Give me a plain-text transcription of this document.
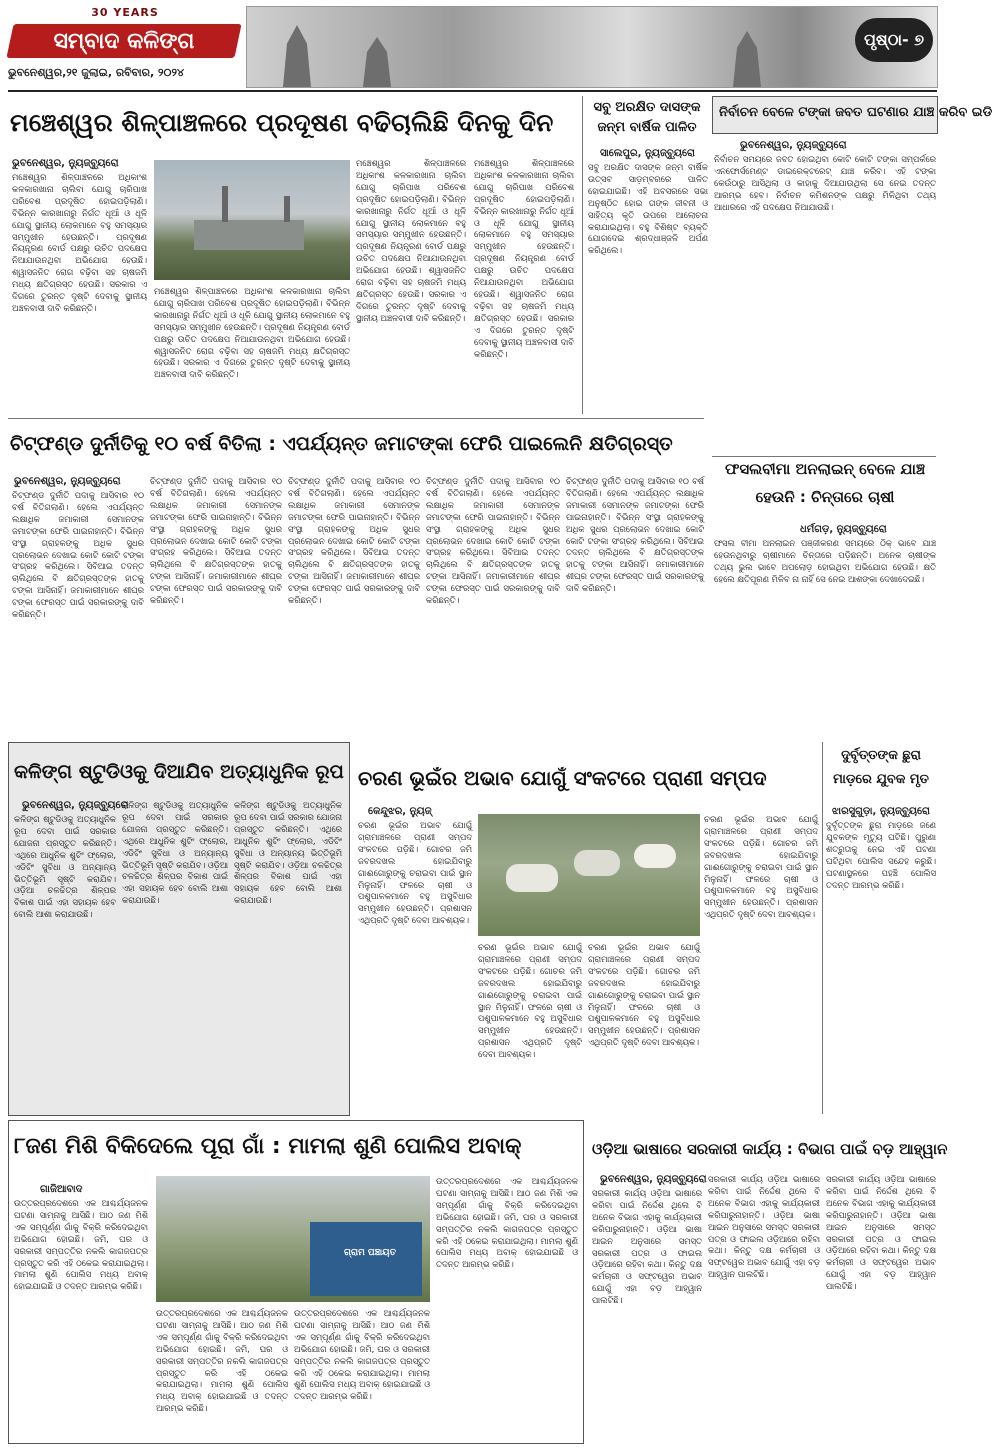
30 YEARS
ସମ୍ବାଦ କଳିଙ୍ଗ
ଭୁବନେଶ୍ୱର,୨୧ ଜୁଲାଇ, ରବିବାର, ୨୦୨୪
ପୃଷ୍ଠା- ୭
ମଞ୍ଚେଶ୍ୱର ଶିଳ୍ପାଞ୍ଚଳରେ ପ୍ରଦୂଷଣ ବଢିଚାଲିଛି ଦିନକୁ ଦିନ
ଭୁବନେଶ୍ୱର, ନ୍ୟୁଜ୍‌ବ୍ୟୁରୋ
ମଞ୍ଚେଶ୍ୱର ଶିଳ୍ପାଞ୍ଚଳରେ ଅଧିକାଂଶ କଳକାରଖାନା ଚାଲିବା ଯୋଗୁ ଚାରିପାଖ ପରିବେଶ ପ୍ରଦୂଷିତ ହୋଇପଡ଼ିଲାଣି। ବିଭିନ୍ନ କାରଖାନାରୁ ନିର୍ଗତ ଧୂଆଁ ଓ ଧୂଳି ଯୋଗୁ ସ୍ଥାନୀୟ ଲୋକମାନେ ବହୁ ସମସ୍ୟାର ସମ୍ମୁଖୀନ ହେଉଛନ୍ତି। ପ୍ରଦୂଷଣ ନିୟନ୍ତ୍ରଣ ବୋର୍ଡ ପକ୍ଷରୁ ଉଚିତ ପଦକ୍ଷେପ ନିଆଯାଉନଥିବା ଅଭିଯୋଗ ହେଉଛି। ଶ୍ୱାସଜନିତ ରୋଗ ବଢ଼ିବା ସହ ଚାଷଜମି ମଧ୍ୟ କ୍ଷତିଗ୍ରସ୍ତ ହେଉଛି। ସରକାର ଏ ଦିଗରେ ତୁରନ୍ତ ଦୃଷ୍ଟି ଦେବାକୁ ସ୍ଥାନୀୟ ଅଞ୍ଚଳବାସୀ ଦାବି କରିଛନ୍ତି।
ମଞ୍ଚେଶ୍ୱର ଶିଳ୍ପାଞ୍ଚଳରେ ଅଧିକାଂଶ କଳକାରଖାନା ଚାଲିବା ଯୋଗୁ ଚାରିପାଖ ପରିବେଶ ପ୍ରଦୂଷିତ ହୋଇପଡ଼ିଲାଣି। ବିଭିନ୍ନ କାରଖାନାରୁ ନିର୍ଗତ ଧୂଆଁ ଓ ଧୂଳି ଯୋଗୁ ସ୍ଥାନୀୟ ଲୋକମାନେ ବହୁ ସମସ୍ୟାର ସମ୍ମୁଖୀନ ହେଉଛନ୍ତି। ପ୍ରଦୂଷଣ ନିୟନ୍ତ୍ରଣ ବୋର୍ଡ ପକ୍ଷରୁ ଉଚିତ ପଦକ୍ଷେପ ନିଆଯାଉନଥିବା ଅଭିଯୋଗ ହେଉଛି। ଶ୍ୱାସଜନିତ ରୋଗ ବଢ଼ିବା ସହ ଚାଷଜମି ମଧ୍ୟ କ୍ଷତିଗ୍ରସ୍ତ ହେଉଛି। ସରକାର ଏ ଦିଗରେ ତୁରନ୍ତ ଦୃଷ୍ଟି ଦେବାକୁ ସ୍ଥାନୀୟ ଅଞ୍ଚଳବାସୀ ଦାବି କରିଛନ୍ତି।
ମଞ୍ଚେଶ୍ୱର ଶିଳ୍ପାଞ୍ଚଳରେ ଅଧିକାଂଶ କଳକାରଖାନା ଚାଲିବା ଯୋଗୁ ଚାରିପାଖ ପରିବେଶ ପ୍ରଦୂଷିତ ହୋଇପଡ଼ିଲାଣି। ବିଭିନ୍ନ କାରଖାନାରୁ ନିର୍ଗତ ଧୂଆଁ ଓ ଧୂଳି ଯୋଗୁ ସ୍ଥାନୀୟ ଲୋକମାନେ ବହୁ ସମସ୍ୟାର ସମ୍ମୁଖୀନ ହେଉଛନ୍ତି। ପ୍ରଦୂଷଣ ନିୟନ୍ତ୍ରଣ ବୋର୍ଡ ପକ୍ଷରୁ ଉଚିତ ପଦକ୍ଷେପ ନିଆଯାଉନଥିବା ଅଭିଯୋଗ ହେଉଛି। ଶ୍ୱାସଜନିତ ରୋଗ ବଢ଼ିବା ସହ ଚାଷଜମି ମଧ୍ୟ କ୍ଷତିଗ୍ରସ୍ତ ହେଉଛି। ସରକାର ଏ ଦିଗରେ ତୁରନ୍ତ ଦୃଷ୍ଟି ଦେବାକୁ ସ୍ଥାନୀୟ ଅଞ୍ଚଳବାସୀ ଦାବି କରିଛନ୍ତି।
ମଞ୍ଚେଶ୍ୱର ଶିଳ୍ପାଞ୍ଚଳରେ ଅଧିକାଂଶ କଳକାରଖାନା ଚାଲିବା ଯୋଗୁ ଚାରିପାଖ ପରିବେଶ ପ୍ରଦୂଷିତ ହୋଇପଡ଼ିଲାଣି। ବିଭିନ୍ନ କାରଖାନାରୁ ନିର୍ଗତ ଧୂଆଁ ଓ ଧୂଳି ଯୋଗୁ ସ୍ଥାନୀୟ ଲୋକମାନେ ବହୁ ସମସ୍ୟାର ସମ୍ମୁଖୀନ ହେଉଛନ୍ତି। ପ୍ରଦୂଷଣ ନିୟନ୍ତ୍ରଣ ବୋର୍ଡ ପକ୍ଷରୁ ଉଚିତ ପଦକ୍ଷେପ ନିଆଯାଉନଥିବା ଅଭିଯୋଗ ହେଉଛି। ଶ୍ୱାସଜନିତ ରୋଗ ବଢ଼ିବା ସହ ଚାଷଜମି ମଧ୍ୟ କ୍ଷତିଗ୍ରସ୍ତ ହେଉଛି। ସରକାର ଏ ଦିଗରେ ତୁରନ୍ତ ଦୃଷ୍ଟି ଦେବାକୁ ସ୍ଥାନୀୟ ଅଞ୍ଚଳବାସୀ ଦାବି କରିଛନ୍ତି।
ସବୁ ଅରକ୍ଷିତ ଦାସଙ୍କ ଜନ୍ମ ବାର୍ଷିକ ପାଳିତ
ସାଲେପୁର, ନ୍ୟୁଜ୍‌ବ୍ୟୁରୋ
ସବୁ ଅରକ୍ଷିତ ଦାସଙ୍କ ଜନ୍ମ ବାର୍ଷିକ ଉତ୍ସବ ସାଡ଼ମ୍ବରରେ ପାଳିତ ହୋଇଯାଇଛି। ଏହି ଅବସରରେ ସଭା ଅନୁଷ୍ଠିତ ହୋଇ ତାଙ୍କ ଜୀବନୀ ଓ ସାହିତ୍ୟ କୃତି ଉପରେ ଆଲୋଚନା କରାଯାଇଥିଲା। ବହୁ ବିଶିଷ୍ଟ ବ୍ୟକ୍ତି ଯୋଗଦେଇ ଶ୍ରଦ୍ଧାଞ୍ଜଳି ଅର୍ପଣ କରିଥିଲେ।
ନିର୍ବାଚନ ବେଳେ ଟଙ୍କା ଜବତ ଘଟଣାର ଯାଞ୍ଚ କରିବ ଇଡି
ଭୁବନେଶ୍ୱର, ନ୍ୟୁଜ୍‌ବ୍ୟୁରୋ
ନିର୍ବାଚନ ସମୟରେ ଜବତ ହୋଇଥିବା କୋଟି କୋଟି ଟଙ୍କା ସମ୍ପର୍କରେ ଏନଫୋର୍ସମେଣ୍ଟ ଡାଇରେକ୍ଟରେଟ୍ ଯାଞ୍ଚ କରିବ। ଏହି ଟଙ୍କା କେଉଁଠାରୁ ଆସିଥିଲା ଓ କାହାକୁ ଦିଆଯାଉଥିଲା ସେ ନେଇ ତଦନ୍ତ ଆରମ୍ଭ ହେବ। ନିର୍ବାଚନ କମିଶନଙ୍କ ପକ୍ଷରୁ ମିଳିଥିବା ତଥ୍ୟ ଆଧାରରେ ଏହି ପଦକ୍ଷେପ ନିଆଯାଉଛି।
ଫସଲବୀମା ଅନଲାଇନ୍ ବେଳେ ଯାଞ୍ଚ
ହେଉନି : ଚିନ୍ତାରେ ଚାଷୀ
ଧର୍ମଗଡ଼, ନ୍ୟୁଜ୍‌ବ୍ୟୁରୋ
ଫସଲ ବୀମା ଅନଲାଇନ ପଞ୍ଜୀକରଣ ସମୟରେ ଠିକ୍ ଭାବେ ଯାଞ୍ଚ ହେଉନଥିବାରୁ ଚାଷୀମାନେ ଚିନ୍ତାରେ ପଡ଼ିଛନ୍ତି। ଅନେକ ଚାଷୀଙ୍କ ତଥ୍ୟ ଭୁଲ ଭାବେ ଅପଲୋଡ଼ ହୋଇଥିବା ଅଭିଯୋଗ ହେଉଛି। କ୍ଷତି ହେଲେ କ୍ଷତିପୂରଣ ମିଳିବ ନା ନାହିଁ ସେ ନେଇ ଆଶଙ୍କା ଦେଖାଦେଇଛି।
ଚିଟ୍‌ଫଣ୍ଡ ଦୁର୍ନୀତିକୁ ୧୦ ବର୍ଷ ବିତିଲା : ଏପର୍ଯ୍ୟନ୍ତ ଜମାଟଙ୍କା ଫେରି ପାଇଲେନି କ୍ଷତିଗ୍ରସ୍ତ
ଭୁବନେଶ୍ୱର, ନ୍ୟୁଜ୍‌ବ୍ୟୁରୋ
ଚିଟ୍‌ଫଣ୍ଡ ଦୁର୍ନୀତି ପଦାକୁ ଆସିବାର ୧୦ ବର୍ଷ ବିତିଗଲାଣି। ହେଲେ ଏପର୍ଯ୍ୟନ୍ତ ଲକ୍ଷାଧିକ ଜମାକାରୀ ସେମାନଙ୍କ ଜମାଟଙ୍କା ଫେରି ପାଇନାହାନ୍ତି। ବିଭିନ୍ନ ସଂସ୍ଥା ଗ୍ରାହକଙ୍କୁ ଅଧିକ ସୁଧର ପ୍ରଲୋଭନ ଦେଖାଇ କୋଟି କୋଟି ଟଙ୍କା ସଂଗ୍ରହ କରିଥିଲେ। ସିବିଆଇ ତଦନ୍ତ ଚାଲିଥିଲେ ବି କ୍ଷତିଗ୍ରସ୍ତଙ୍କ ହାତକୁ ଟଙ୍କା ଆସିନାହିଁ। ଜମାକାରୀମାନେ ଶୀଘ୍ର ଟଙ୍କା ଫେରସ୍ତ ପାଇଁ ସରକାରଙ୍କୁ ଦାବି କରିଛନ୍ତି।
ଚିଟ୍‌ଫଣ୍ଡ ଦୁର୍ନୀତି ପଦାକୁ ଆସିବାର ୧୦ ବର୍ଷ ବିତିଗଲାଣି। ହେଲେ ଏପର୍ଯ୍ୟନ୍ତ ଲକ୍ଷାଧିକ ଜମାକାରୀ ସେମାନଙ୍କ ଜମାଟଙ୍କା ଫେରି ପାଇନାହାନ୍ତି। ବିଭିନ୍ନ ସଂସ୍ଥା ଗ୍ରାହକଙ୍କୁ ଅଧିକ ସୁଧର ପ୍ରଲୋଭନ ଦେଖାଇ କୋଟି କୋଟି ଟଙ୍କା ସଂଗ୍ରହ କରିଥିଲେ। ସିବିଆଇ ତଦନ୍ତ ଚାଲିଥିଲେ ବି କ୍ଷତିଗ୍ରସ୍ତଙ୍କ ହାତକୁ ଟଙ୍କା ଆସିନାହିଁ। ଜମାକାରୀମାନେ ଶୀଘ୍ର ଟଙ୍କା ଫେରସ୍ତ ପାଇଁ ସରକାରଙ୍କୁ ଦାବି କରିଛନ୍ତି।
ଚିଟ୍‌ଫଣ୍ଡ ଦୁର୍ନୀତି ପଦାକୁ ଆସିବାର ୧୦ ବର୍ଷ ବିତିଗଲାଣି। ହେଲେ ଏପର୍ଯ୍ୟନ୍ତ ଲକ୍ଷାଧିକ ଜମାକାରୀ ସେମାନଙ୍କ ଜମାଟଙ୍କା ଫେରି ପାଇନାହାନ୍ତି। ବିଭିନ୍ନ ସଂସ୍ଥା ଗ୍ରାହକଙ୍କୁ ଅଧିକ ସୁଧର ପ୍ରଲୋଭନ ଦେଖାଇ କୋଟି କୋଟି ଟଙ୍କା ସଂଗ୍ରହ କରିଥିଲେ। ସିବିଆଇ ତଦନ୍ତ ଚାଲିଥିଲେ ବି କ୍ଷତିଗ୍ରସ୍ତଙ୍କ ହାତକୁ ଟଙ୍କା ଆସିନାହିଁ। ଜମାକାରୀମାନେ ଶୀଘ୍ର ଟଙ୍କା ଫେରସ୍ତ ପାଇଁ ସରକାରଙ୍କୁ ଦାବି କରିଛନ୍ତି।
ଚିଟ୍‌ଫଣ୍ଡ ଦୁର୍ନୀତି ପଦାକୁ ଆସିବାର ୧୦ ବର୍ଷ ବିତିଗଲାଣି। ହେଲେ ଏପର୍ଯ୍ୟନ୍ତ ଲକ୍ଷାଧିକ ଜମାକାରୀ ସେମାନଙ୍କ ଜମାଟଙ୍କା ଫେରି ପାଇନାହାନ୍ତି। ବିଭିନ୍ନ ସଂସ୍ଥା ଗ୍ରାହକଙ୍କୁ ଅଧିକ ସୁଧର ପ୍ରଲୋଭନ ଦେଖାଇ କୋଟି କୋଟି ଟଙ୍କା ସଂଗ୍ରହ କରିଥିଲେ। ସିବିଆଇ ତଦନ୍ତ ଚାଲିଥିଲେ ବି କ୍ଷତିଗ୍ରସ୍ତଙ୍କ ହାତକୁ ଟଙ୍କା ଆସିନାହିଁ। ଜମାକାରୀମାନେ ଶୀଘ୍ର ଟଙ୍କା ଫେରସ୍ତ ପାଇଁ ସରକାରଙ୍କୁ ଦାବି କରିଛନ୍ତି।
ଚିଟ୍‌ଫଣ୍ଡ ଦୁର୍ନୀତି ପଦାକୁ ଆସିବାର ୧୦ ବର୍ଷ ବିତିଗଲାଣି। ହେଲେ ଏପର୍ଯ୍ୟନ୍ତ ଲକ୍ଷାଧିକ ଜମାକାରୀ ସେମାନଙ୍କ ଜମାଟଙ୍କା ଫେରି ପାଇନାହାନ୍ତି। ବିଭିନ୍ନ ସଂସ୍ଥା ଗ୍ରାହକଙ୍କୁ ଅଧିକ ସୁଧର ପ୍ରଲୋଭନ ଦେଖାଇ କୋଟି କୋଟି ଟଙ୍କା ସଂଗ୍ରହ କରିଥିଲେ। ସିବିଆଇ ତଦନ୍ତ ଚାଲିଥିଲେ ବି କ୍ଷତିଗ୍ରସ୍ତଙ୍କ ହାତକୁ ଟଙ୍କା ଆସିନାହିଁ। ଜମାକାରୀମାନେ ଶୀଘ୍ର ଟଙ୍କା ଫେରସ୍ତ ପାଇଁ ସରକାରଙ୍କୁ ଦାବି କରିଛନ୍ତି।
କଳିଙ୍ଗ ଷ୍ଟୁଡିଓକୁ ଦିଆଯିବ ଅତ୍ୟାଧୁନିକ ରୂପ
ଭୁବନେଶ୍ୱର, ନ୍ୟୁଜ୍‌ବ୍ୟୁରୋ
କଳିଙ୍ଗ ଷ୍ଟୁଡିଓକୁ ଅତ୍ୟାଧୁନିକ ରୂପ ଦେବା ପାଇଁ ସରକାର ଯୋଜନା ପ୍ରସ୍ତୁତ କରିଛନ୍ତି। ଏଥିରେ ଆଧୁନିକ ଶୁଟିଂ ଫ୍ଲୋର, ଏଡିଟିଂ ସୁବିଧା ଓ ଅନ୍ୟାନ୍ୟ ଭିତ୍ତିଭୂମି ସୃଷ୍ଟି କରାଯିବ। ଓଡ଼ିଆ ଚଳଚ୍ଚିତ୍ର ଶିଳ୍ପର ବିକାଶ ପାଇଁ ଏହା ସହାୟକ ହେବ ବୋଲି ଆଶା କରାଯାଉଛି।
କଳିଙ୍ଗ ଷ୍ଟୁଡିଓକୁ ଅତ୍ୟାଧୁନିକ ରୂପ ଦେବା ପାଇଁ ସରକାର ଯୋଜନା ପ୍ରସ୍ତୁତ କରିଛନ୍ତି। ଏଥିରେ ଆଧୁନିକ ଶୁଟିଂ ଫ୍ଲୋର, ଏଡିଟିଂ ସୁବିଧା ଓ ଅନ୍ୟାନ୍ୟ ଭିତ୍ତିଭୂମି ସୃଷ୍ଟି କରାଯିବ। ଓଡ଼ିଆ ଚଳଚ୍ଚିତ୍ର ଶିଳ୍ପର ବିକାଶ ପାଇଁ ଏହା ସହାୟକ ହେବ ବୋଲି ଆଶା କରାଯାଉଛି।
କଳିଙ୍ଗ ଷ୍ଟୁଡିଓକୁ ଅତ୍ୟାଧୁନିକ ରୂପ ଦେବା ପାଇଁ ସରକାର ଯୋଜନା ପ୍ରସ୍ତୁତ କରିଛନ୍ତି। ଏଥିରେ ଆଧୁନିକ ଶୁଟିଂ ଫ୍ଲୋର, ଏଡିଟିଂ ସୁବିଧା ଓ ଅନ୍ୟାନ୍ୟ ଭିତ୍ତିଭୂମି ସୃଷ୍ଟି କରାଯିବ। ଓଡ଼ିଆ ଚଳଚ୍ଚିତ୍ର ଶିଳ୍ପର ବିକାଶ ପାଇଁ ଏହା ସହାୟକ ହେବ ବୋଲି ଆଶା କରାଯାଉଛି।
ଚରଣ ଭୂଇଁର ଅଭାବ ଯୋଗୁଁ ସଂକଟରେ ପ୍ରାଣୀ ସମ୍ପଦ
କେନ୍ଦୁଝର, ନ୍ୟୁଜ୍
ଚରଣ ଭୂଇଁର ଅଭାବ ଯୋଗୁଁ ଗ୍ରାମାଞ୍ଚଳରେ ପ୍ରାଣୀ ସମ୍ପଦ ସଂକଟରେ ପଡ଼ିଛି। ଗୋଚର ଜମି ଜବରଦଖଲ ହୋଇଯିବାରୁ ଗାଈଗୋରୁଙ୍କୁ ଚରାଇବା ପାଇଁ ସ୍ଥାନ ମିଳୁନାହିଁ। ଫଳରେ ଚାଷୀ ଓ ପଶୁପାଳକମାନେ ବହୁ ଅସୁବିଧାର ସମ୍ମୁଖୀନ ହେଉଛନ୍ତି। ପ୍ରଶାସନ ଏଥିପ୍ରତି ଦୃଷ୍ଟି ଦେବା ଆବଶ୍ୟକ।
ଚରଣ ଭୂଇଁର ଅଭାବ ଯୋଗୁଁ ଗ୍ରାମାଞ୍ଚଳରେ ପ୍ରାଣୀ ସମ୍ପଦ ସଂକଟରେ ପଡ଼ିଛି। ଗୋଚର ଜମି ଜବରଦଖଲ ହୋଇଯିବାରୁ ଗାଈଗୋରୁଙ୍କୁ ଚରାଇବା ପାଇଁ ସ୍ଥାନ ମିଳୁନାହିଁ। ଫଳରେ ଚାଷୀ ଓ ପଶୁପାଳକମାନେ ବହୁ ଅସୁବିଧାର ସମ୍ମୁଖୀନ ହେଉଛନ୍ତି। ପ୍ରଶାସନ ଏଥିପ୍ରତି ଦୃଷ୍ଟି ଦେବା ଆବଶ୍ୟକ।
ଚରଣ ଭୂଇଁର ଅଭାବ ଯୋଗୁଁ ଗ୍ରାମାଞ୍ଚଳରେ ପ୍ରାଣୀ ସମ୍ପଦ ସଂକଟରେ ପଡ଼ିଛି। ଗୋଚର ଜମି ଜବରଦଖଲ ହୋଇଯିବାରୁ ଗାଈଗୋରୁଙ୍କୁ ଚରାଇବା ପାଇଁ ସ୍ଥାନ ମିଳୁନାହିଁ। ଫଳରେ ଚାଷୀ ଓ ପଶୁପାଳକମାନେ ବହୁ ଅସୁବିଧାର ସମ୍ମୁଖୀନ ହେଉଛନ୍ତି। ପ୍ରଶାସନ ଏଥିପ୍ରତି ଦୃଷ୍ଟି ଦେବା ଆବଶ୍ୟକ।
ଚରଣ ଭୂଇଁର ଅଭାବ ଯୋଗୁଁ ଗ୍ରାମାଞ୍ଚଳରେ ପ୍ରାଣୀ ସମ୍ପଦ ସଂକଟରେ ପଡ଼ିଛି। ଗୋଚର ଜମି ଜବରଦଖଲ ହୋଇଯିବାରୁ ଗାଈଗୋରୁଙ୍କୁ ଚରାଇବା ପାଇଁ ସ୍ଥାନ ମିଳୁନାହିଁ। ଫଳରେ ଚାଷୀ ଓ ପଶୁପାଳକମାନେ ବହୁ ଅସୁବିଧାର ସମ୍ମୁଖୀନ ହେଉଛନ୍ତି। ପ୍ରଶାସନ ଏଥିପ୍ରତି ଦୃଷ୍ଟି ଦେବା ଆବଶ୍ୟକ।
ଦୁର୍ବୃତ୍ତଙ୍କ ଛୁରା
ମାଡ଼ରେ ଯୁବକ ମୃତ
ଝାରସୁଗୁଡ଼ା, ନ୍ୟୁଜ୍‌ବ୍ୟୁରୋ
ଦୁର୍ବୃତ୍ତଙ୍କ ଛୁରା ମାଡ଼ରେ ଜଣେ ଯୁବକଙ୍କ ମୃତ୍ୟୁ ଘଟିଛି। ପୁରୁଣା ଶତ୍ରୁତାକୁ ନେଇ ଏହି ଘଟଣା ଘଟିଥିବା ପୋଲିସ ସନ୍ଦେହ କରୁଛି। ଘଟଣାସ୍ଥଳରେ ପହଞ୍ଚି ପୋଲିସ ତଦନ୍ତ ଆରମ୍ଭ କରିଛି।
୮ଜଣ ମିଶି ବିକିଦେଲେ ପୂରା ଗାଁ : ମାମଲା ଶୁଣି ପୋଲିସ ଅବାକ୍
ଗାଜିଆବାଦ
ଉତ୍ତରପ୍ରଦେଶରେ ଏକ ଆଶ୍ଚର୍ଯ୍ୟଜନକ ଘଟଣା ସାମ୍ନାକୁ ଆସିଛି। ଆଠ ଜଣ ମିଶି ଏକ ସମ୍ପୂର୍ଣ୍ଣ ଗାଁକୁ ବିକ୍ରି କରିଦେଇଥିବା ଅଭିଯୋଗ ହୋଇଛି। ଜମି, ଘର ଓ ସରକାରୀ ସମ୍ପତ୍ତିର ନକଲି କାଗଜପତ୍ର ପ୍ରସ୍ତୁତ କରି ଏହି ଠକେଇ କରାଯାଇଥିଲା। ମାମଲା ଶୁଣି ପୋଲିସ ମଧ୍ୟ ଅବାକ୍ ହୋଇଯାଇଛି ଓ ତଦନ୍ତ ଆରମ୍ଭ କରିଛି।
ଗ୍ରାମ ପଞ୍ଚାୟତ
ଉତ୍ତରପ୍ରଦେଶରେ ଏକ ଆଶ୍ଚର୍ଯ୍ୟଜନକ ଘଟଣା ସାମ୍ନାକୁ ଆସିଛି। ଆଠ ଜଣ ମିଶି ଏକ ସମ୍ପୂର୍ଣ୍ଣ ଗାଁକୁ ବିକ୍ରି କରିଦେଇଥିବା ଅଭିଯୋଗ ହୋଇଛି। ଜମି, ଘର ଓ ସରକାରୀ ସମ୍ପତ୍ତିର ନକଲି କାଗଜପତ୍ର ପ୍ରସ୍ତୁତ କରି ଏହି ଠକେଇ କରାଯାଇଥିଲା। ମାମଲା ଶୁଣି ପୋଲିସ ମଧ୍ୟ ଅବାକ୍ ହୋଇଯାଇଛି ଓ ତଦନ୍ତ ଆରମ୍ଭ କରିଛି।
ଉତ୍ତରପ୍ରଦେଶରେ ଏକ ଆଶ୍ଚର୍ଯ୍ୟଜନକ ଘଟଣା ସାମ୍ନାକୁ ଆସିଛି। ଆଠ ଜଣ ମିଶି ଏକ ସମ୍ପୂର୍ଣ୍ଣ ଗାଁକୁ ବିକ୍ରି କରିଦେଇଥିବା ଅଭିଯୋଗ ହୋଇଛି। ଜମି, ଘର ଓ ସରକାରୀ ସମ୍ପତ୍ତିର ନକଲି କାଗଜପତ୍ର ପ୍ରସ୍ତୁତ କରି ଏହି ଠକେଇ କରାଯାଇଥିଲା। ମାମଲା ଶୁଣି ପୋଲିସ ମଧ୍ୟ ଅବାକ୍ ହୋଇଯାଇଛି ଓ ତଦନ୍ତ ଆରମ୍ଭ କରିଛି।
ଉତ୍ତରପ୍ରଦେଶରେ ଏକ ଆଶ୍ଚର୍ଯ୍ୟଜନକ ଘଟଣା ସାମ୍ନାକୁ ଆସିଛି। ଆଠ ଜଣ ମିଶି ଏକ ସମ୍ପୂର୍ଣ୍ଣ ଗାଁକୁ ବିକ୍ରି କରିଦେଇଥିବା ଅଭିଯୋଗ ହୋଇଛି। ଜମି, ଘର ଓ ସରକାରୀ ସମ୍ପତ୍ତିର ନକଲି କାଗଜପତ୍ର ପ୍ରସ୍ତୁତ କରି ଏହି ଠକେଇ କରାଯାଇଥିଲା। ମାମଲା ଶୁଣି ପୋଲିସ ମଧ୍ୟ ଅବାକ୍ ହୋଇଯାଇଛି ଓ ତଦନ୍ତ ଆରମ୍ଭ କରିଛି।
ଓଡ଼ିଆ ଭାଷାରେ ସରକାରୀ କାର୍ଯ୍ୟ : ବିଭାଗ ପାଇଁ ବଡ଼ ଆହ୍ୱାନ
ଭୁବନେଶ୍ୱର, ନ୍ୟୁଜ୍‌ବ୍ୟୁରୋ
ସରକାରୀ କାର୍ଯ୍ୟ ଓଡ଼ିଆ ଭାଷାରେ କରିବା ପାଇଁ ନିର୍ଦ୍ଦେଶ ଥିଲେ ବି ଅନେକ ବିଭାଗ ଏହାକୁ କାର୍ଯ୍ୟକାରୀ କରିପାରୁନାହାନ୍ତି। ଓଡ଼ିଆ ଭାଷା ଆଇନ ଅନୁସାରେ ସମସ୍ତ ସରକାରୀ ପତ୍ର ଓ ଫାଇଲ ଓଡ଼ିଆରେ ରହିବା କଥା। କିନ୍ତୁ ଦକ୍ଷ କର୍ମଚାରୀ ଓ ସଫ୍ଟୱେର ଅଭାବ ଯୋଗୁଁ ଏହା ବଡ଼ ଆହ୍ୱାନ ପାଲଟିଛି।
ସରକାରୀ କାର୍ଯ୍ୟ ଓଡ଼ିଆ ଭାଷାରେ କରିବା ପାଇଁ ନିର୍ଦ୍ଦେଶ ଥିଲେ ବି ଅନେକ ବିଭାଗ ଏହାକୁ କାର୍ଯ୍ୟକାରୀ କରିପାରୁନାହାନ୍ତି। ଓଡ଼ିଆ ଭାଷା ଆଇନ ଅନୁସାରେ ସମସ୍ତ ସରକାରୀ ପତ୍ର ଓ ଫାଇଲ ଓଡ଼ିଆରେ ରହିବା କଥା। କିନ୍ତୁ ଦକ୍ଷ କର୍ମଚାରୀ ଓ ସଫ୍ଟୱେର ଅଭାବ ଯୋଗୁଁ ଏହା ବଡ଼ ଆହ୍ୱାନ ପାଲଟିଛି।
ସରକାରୀ କାର୍ଯ୍ୟ ଓଡ଼ିଆ ଭାଷାରେ କରିବା ପାଇଁ ନିର୍ଦ୍ଦେଶ ଥିଲେ ବି ଅନେକ ବିଭାଗ ଏହାକୁ କାର୍ଯ୍ୟକାରୀ କରିପାରୁନାହାନ୍ତି। ଓଡ଼ିଆ ଭାଷା ଆଇନ ଅନୁସାରେ ସମସ୍ତ ସରକାରୀ ପତ୍ର ଓ ଫାଇଲ ଓଡ଼ିଆରେ ରହିବା କଥା। କିନ୍ତୁ ଦକ୍ଷ କର୍ମଚାରୀ ଓ ସଫ୍ଟୱେର ଅଭାବ ଯୋଗୁଁ ଏହା ବଡ଼ ଆହ୍ୱାନ ପାଲଟିଛି।
